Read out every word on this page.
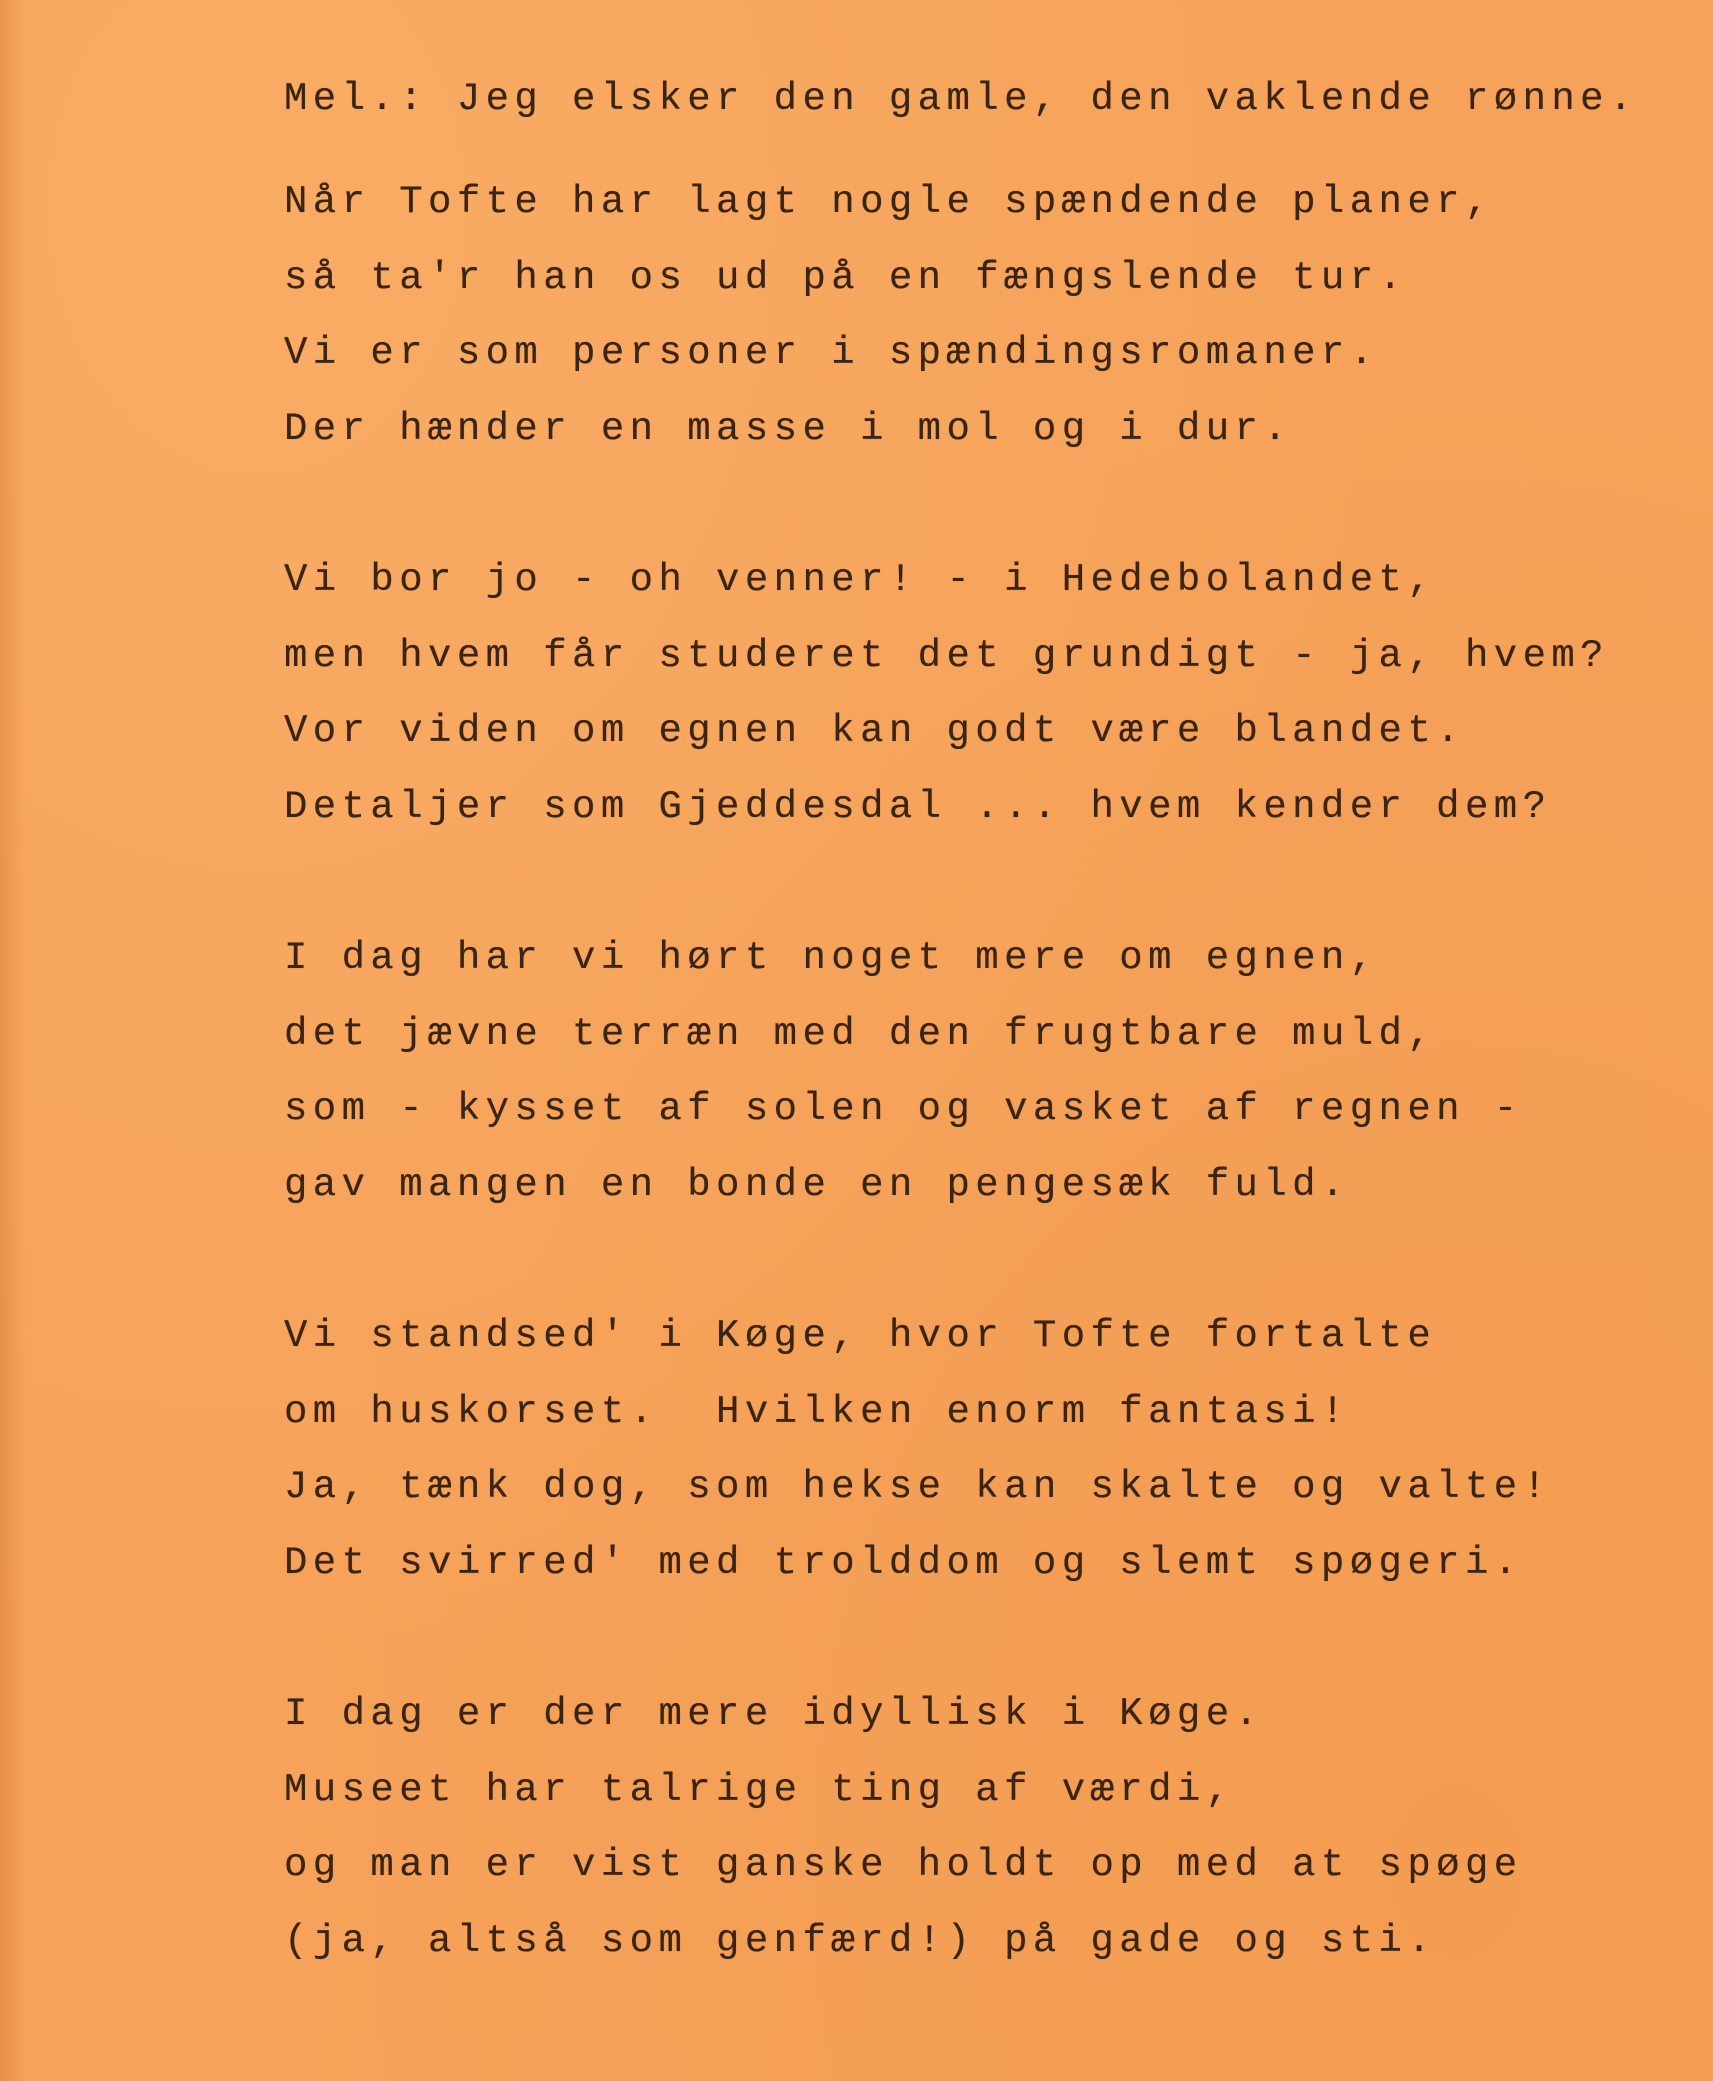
Mel.: Jeg elsker den gamle, den vaklende rønne.
Når Tofte har lagt nogle spændende planer,
så ta'r han os ud på en fængslende tur.
Vi er som personer i spændingsromaner.
Der hænder en masse i mol og i dur.
Vi bor jo - oh venner! - i Hedebolandet,
men hvem får studeret det grundigt - ja, hvem?
Vor viden om egnen kan godt være blandet.
Detaljer som Gjeddesdal ... hvem kender dem?
I dag har vi hørt noget mere om egnen,
det jævne terræn med den frugtbare muld,
som - kysset af solen og vasket af regnen -
gav mangen en bonde en pengesæk fuld.
Vi standsed' i Køge, hvor Tofte fortalte
om huskorset.  Hvilken enorm fantasi!
Ja, tænk dog, som hekse kan skalte og valte!
Det svirred' med trolddom og slemt spøgeri.
I dag er der mere idyllisk i Køge.
Museet har talrige ting af værdi,
og man er vist ganske holdt op med at spøge
(ja, altså som genfærd!) på gade og sti.
